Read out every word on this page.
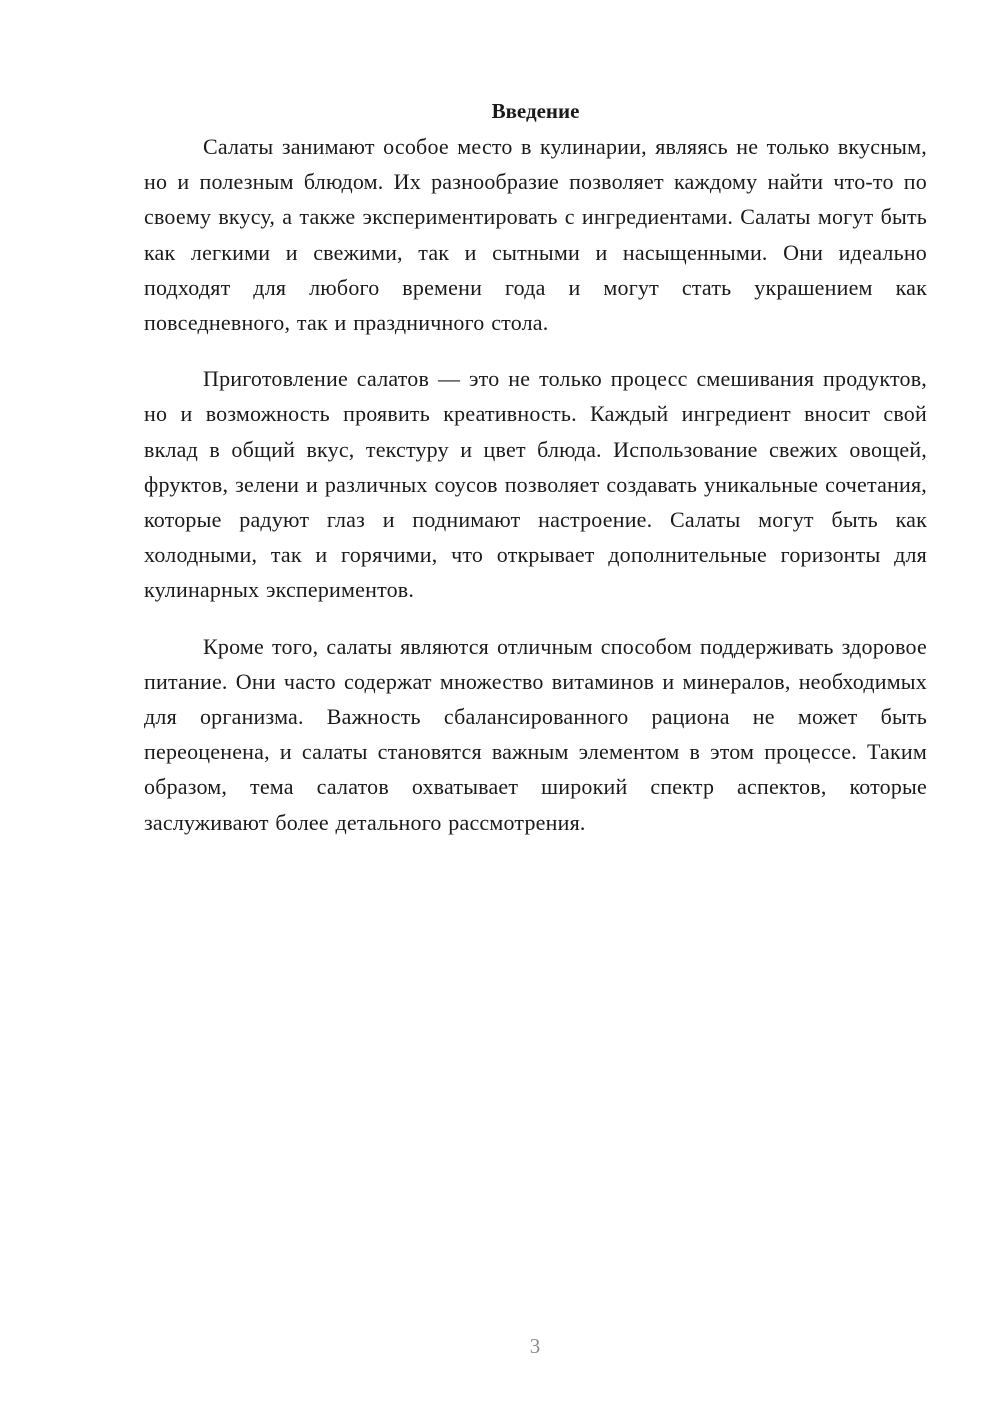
Введение

Салаты занимают особое место в кулинарии, являясь не только вкусным, но и полезным блюдом. Их разнообразие позволяет каждому найти что-то по своему вкусу, а также экспериментировать с ингредиентами. Салаты могут быть как легкими и свежими, так и сытными и насыщенными. Они идеально подходят для любого времени года и могут стать украшением как повседневного, так и праздничного стола.

Приготовление салатов — это не только процесс смешивания продуктов, но и возможность проявить креативность. Каждый ингредиент вносит свой вклад в общий вкус, текстуру и цвет блюда. Использование свежих овощей, фруктов, зелени и различных соусов позволяет создавать уникальные сочетания, которые радуют глаз и поднимают настроение. Салаты могут быть как холодными, так и горячими, что открывает дополнительные горизонты для кулинарных экспериментов.

Кроме того, салаты являются отличным способом поддерживать здоровое питание. Они часто содержат множество витаминов и минералов, необходимых для организма. Важность сбалансированного рациона не может быть переоценена, и салаты становятся важным элементом в этом процессе. Таким образом, тема салатов охватывает широкий спектр аспектов, которые заслуживают более детального рассмотрения.

3
